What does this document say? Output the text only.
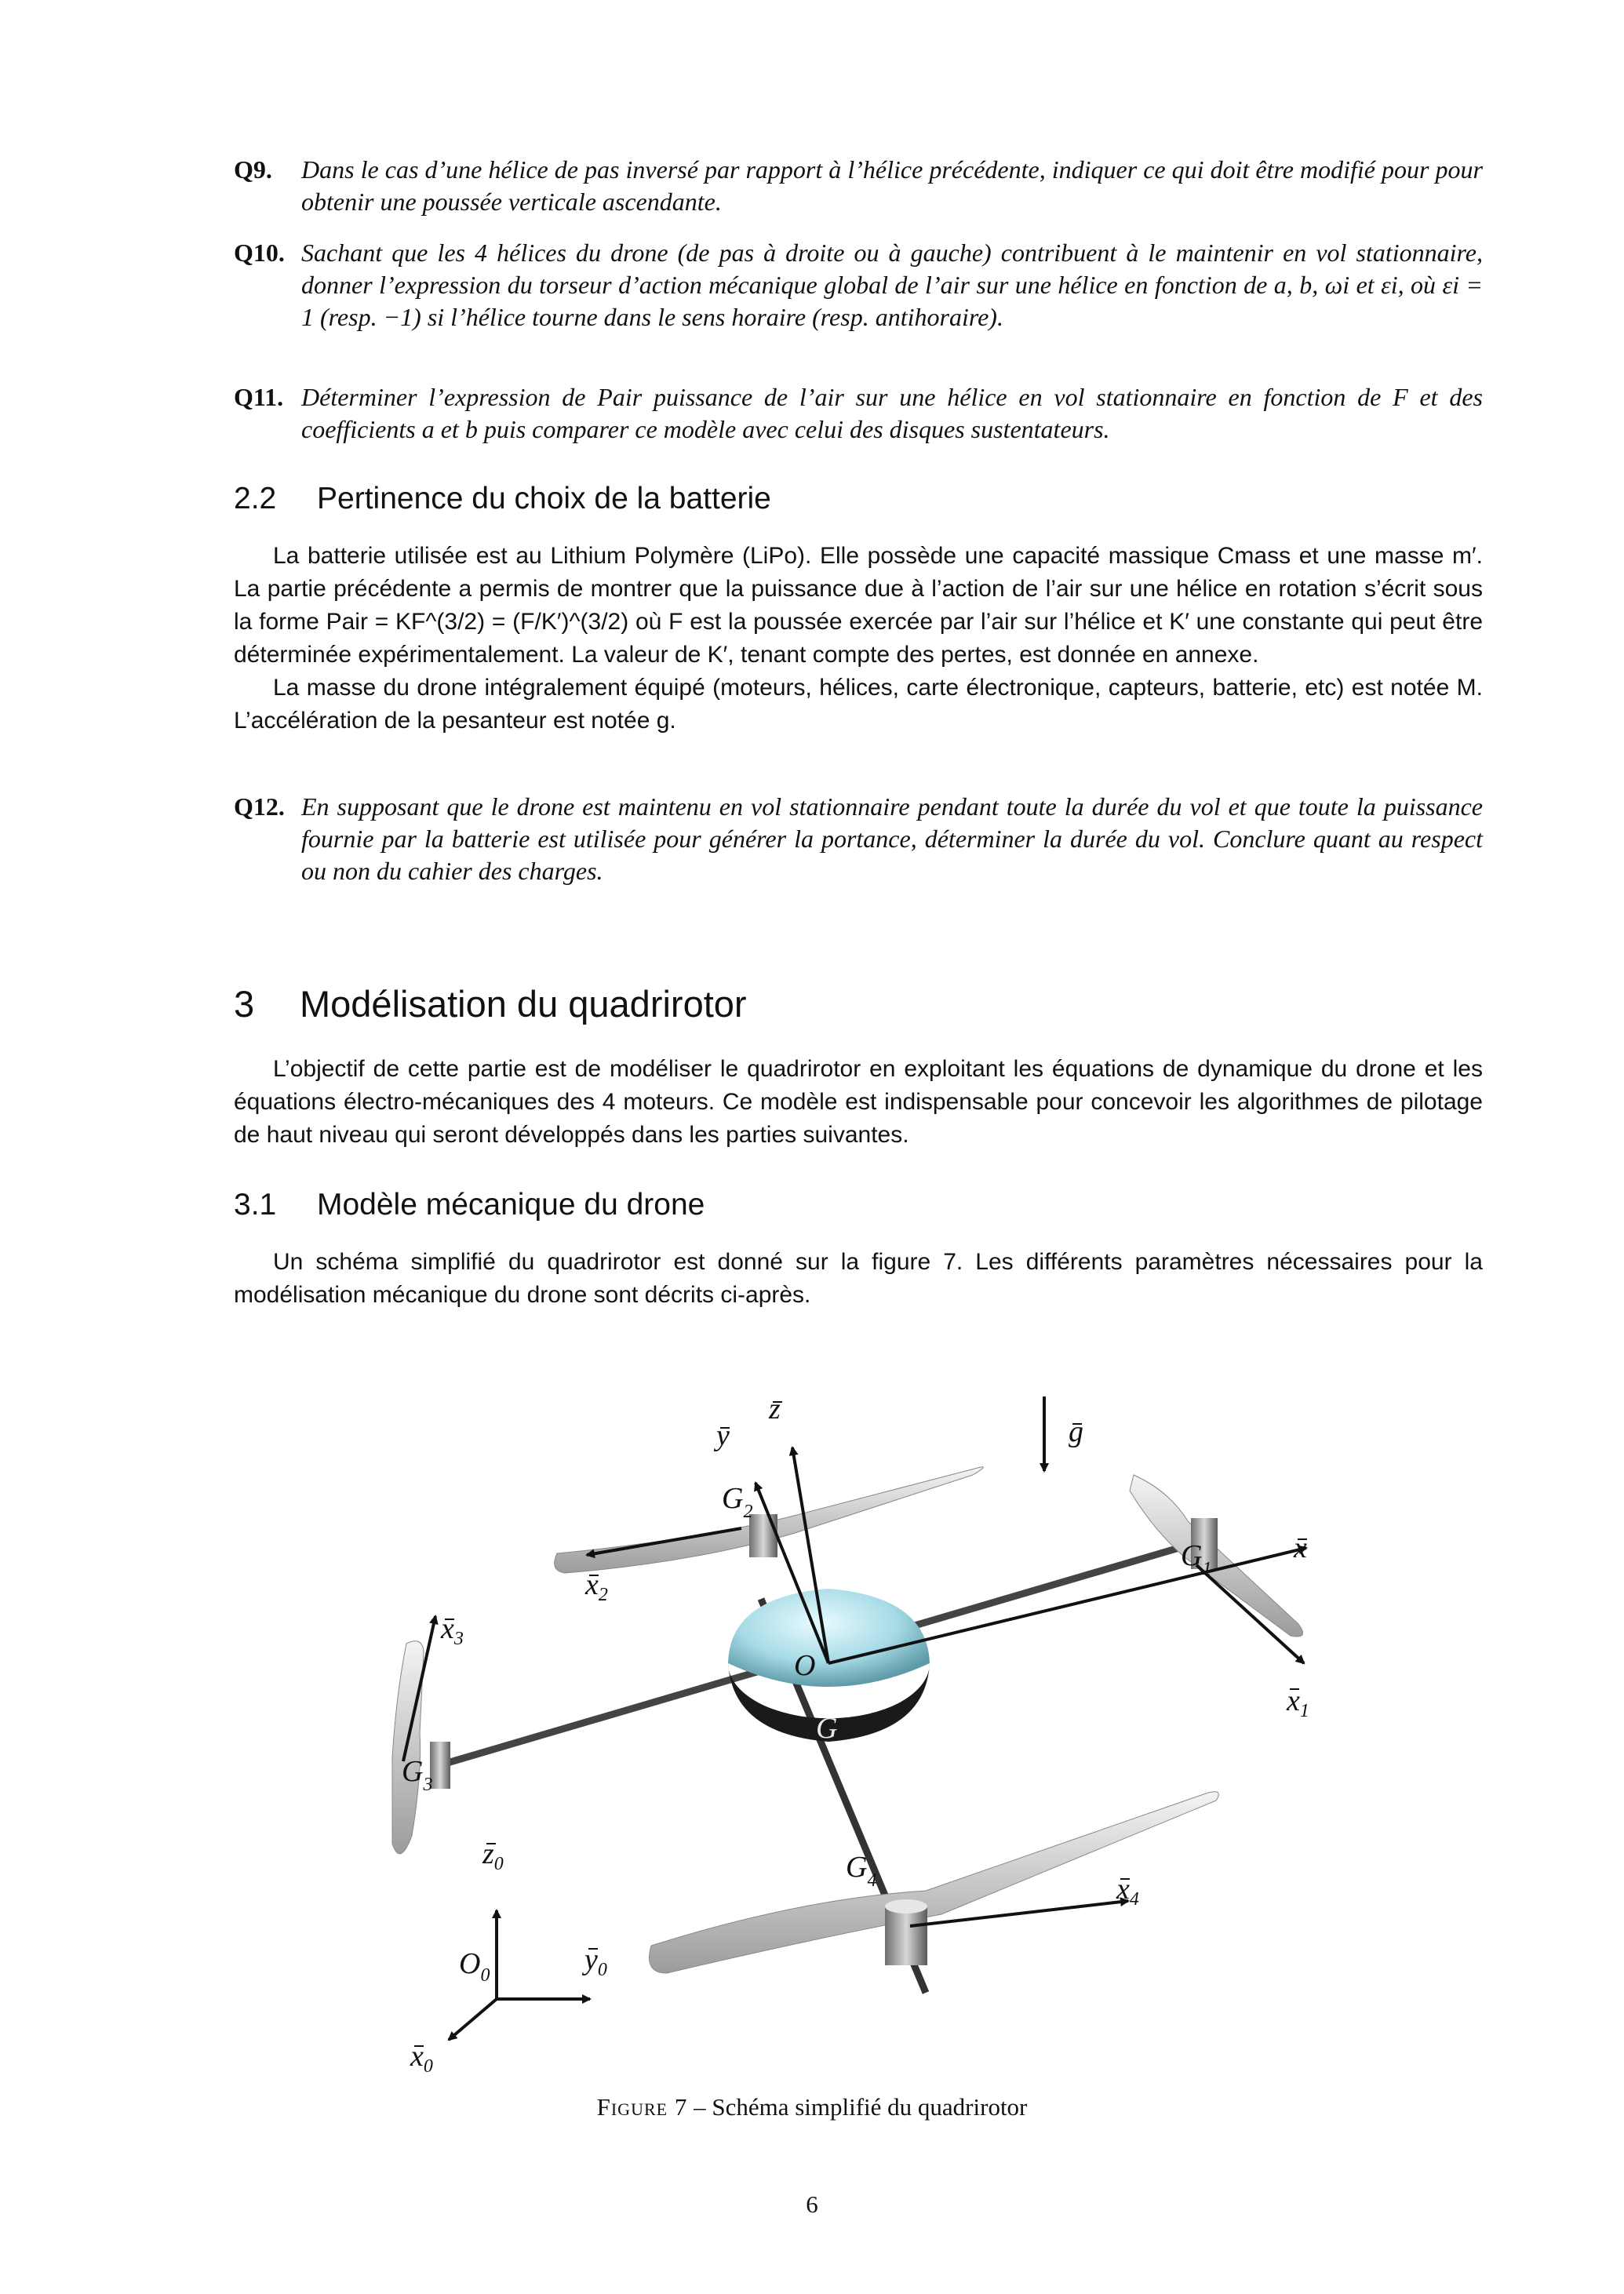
Q9. Dans le cas d’une hélice de pas inversé par rapport à l’hélice précédente, indiquer ce qui doit être modifié pour pour obtenir une poussée verticale ascendante.
Q10. Sachant que les 4 hélices du drone (de pas à droite ou à gauche) contribuent à le maintenir en vol stationnaire, donner l’expression du torseur d’action mécanique global de l’air sur une hélice en fonction de a, b, ωi et εi, où εi = 1 (resp. −1) si l’hélice tourne dans le sens horaire (resp. antihoraire).
Q11. Déterminer l’expression de Pair puissance de l’air sur une hélice en vol stationnaire en fonction de F et des coefficients a et b puis comparer ce modèle avec celui des disques sustentateurs.
2.2 Pertinence du choix de la batterie

La batterie utilisée est au Lithium Polymère (LiPo). Elle possède une capacité massique Cmass et une masse m′. La partie précédente a permis de montrer que la puissance due à l’action de l’air sur une hélice en rotation s’écrit sous la forme Pair = KF^(3/2) = (F/K′)^(3/2) où F est la poussée exercée par l’air sur l’hélice et K′ une constante qui peut être déterminée expérimentalement. La valeur de K′, tenant compte des pertes, est donnée en annexe.

La masse du drone intégralement équipé (moteurs, hélices, carte électronique, capteurs, batterie, etc) est notée M. L’accélération de la pesanteur est notée g.

Q12. En supposant que le drone est maintenu en vol stationnaire pendant toute la durée du vol et que toute la puissance fournie par la batterie est utilisée pour générer la portance, déterminer la durée du vol. Conclure quant au respect ou non du cahier des charges.
3 Modélisation du quadrirotor

L’objectif de cette partie est de modéliser le quadrirotor en exploitant les équations de dynamique du drone et les équations électro-mécaniques des 4 moteurs. Ce modèle est indispensable pour concevoir les algorithmes de pilotage de haut niveau qui seront développés dans les parties suivantes.

3.1 Modèle mécanique du drone

Un schéma simplifié du quadrirotor est donné sur la figure 7. Les différents paramètres nécessaires pour la modélisation mécanique du drone sont décrits ci-après.

z
y	g
x
$G_1$
$G_2$
$G_3$
$G_4$
O
G
$x_1$
$x_2$
$x_3$
$x_4$
$z_0$
$y_0$
$x_0$
$O_0$
Figure 7 – Schéma simplifié du quadrirotor
6
